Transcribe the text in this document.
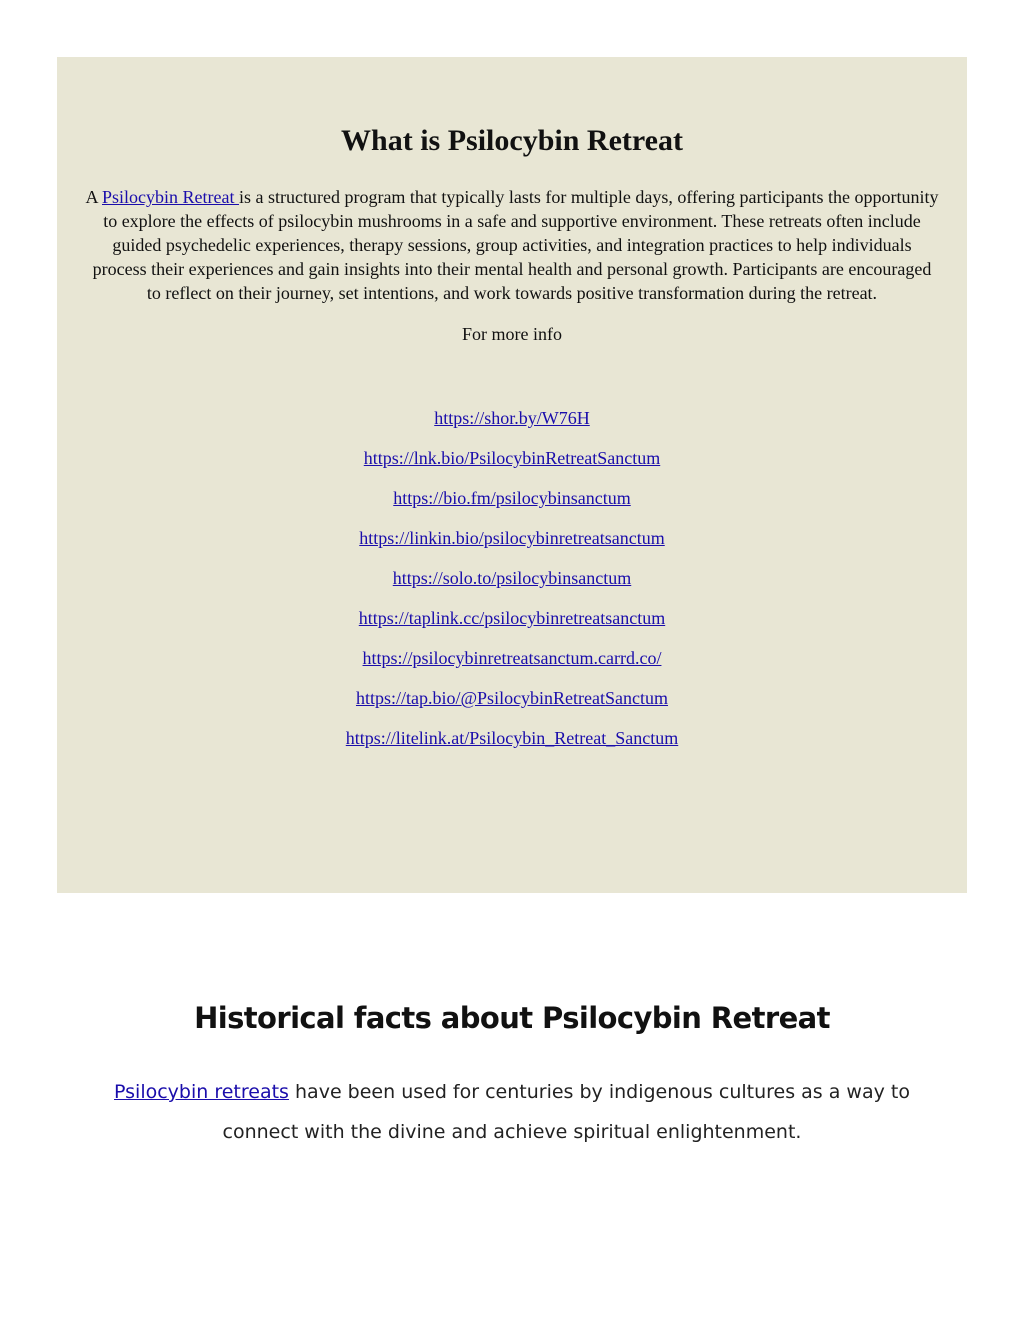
What is Psilocybin Retreat

A Psilocybin Retreat is a structured program that typically lasts for multiple days, offering participants the opportunity to explore the effects of psilocybin mushrooms in a safe and supportive environment. These retreats often include guided psychedelic experiences, therapy sessions, group activities, and integration practices to help individuals process their experiences and gain insights into their mental health and personal growth. Participants are encouraged to reflect on their journey, set intentions, and work towards positive transformation during the retreat.

For more info

https://shor.by/W76H
https://lnk.bio/PsilocybinRetreatSanctum
https://bio.fm/psilocybinsanctum
https://linkin.bio/psilocybinretreatsanctum
https://solo.to/psilocybinsanctum
https://taplink.cc/psilocybinretreatsanctum
https://psilocybinretreatsanctum.carrd.co/
https://tap.bio/@PsilocybinRetreatSanctum
https://litelink.at/Psilocybin_Retreat_Sanctum
Historical facts about Psilocybin Retreat

Psilocybin retreats have been used for centuries by indigenous cultures as a way to connect with the divine and achieve spiritual enlightenment.
